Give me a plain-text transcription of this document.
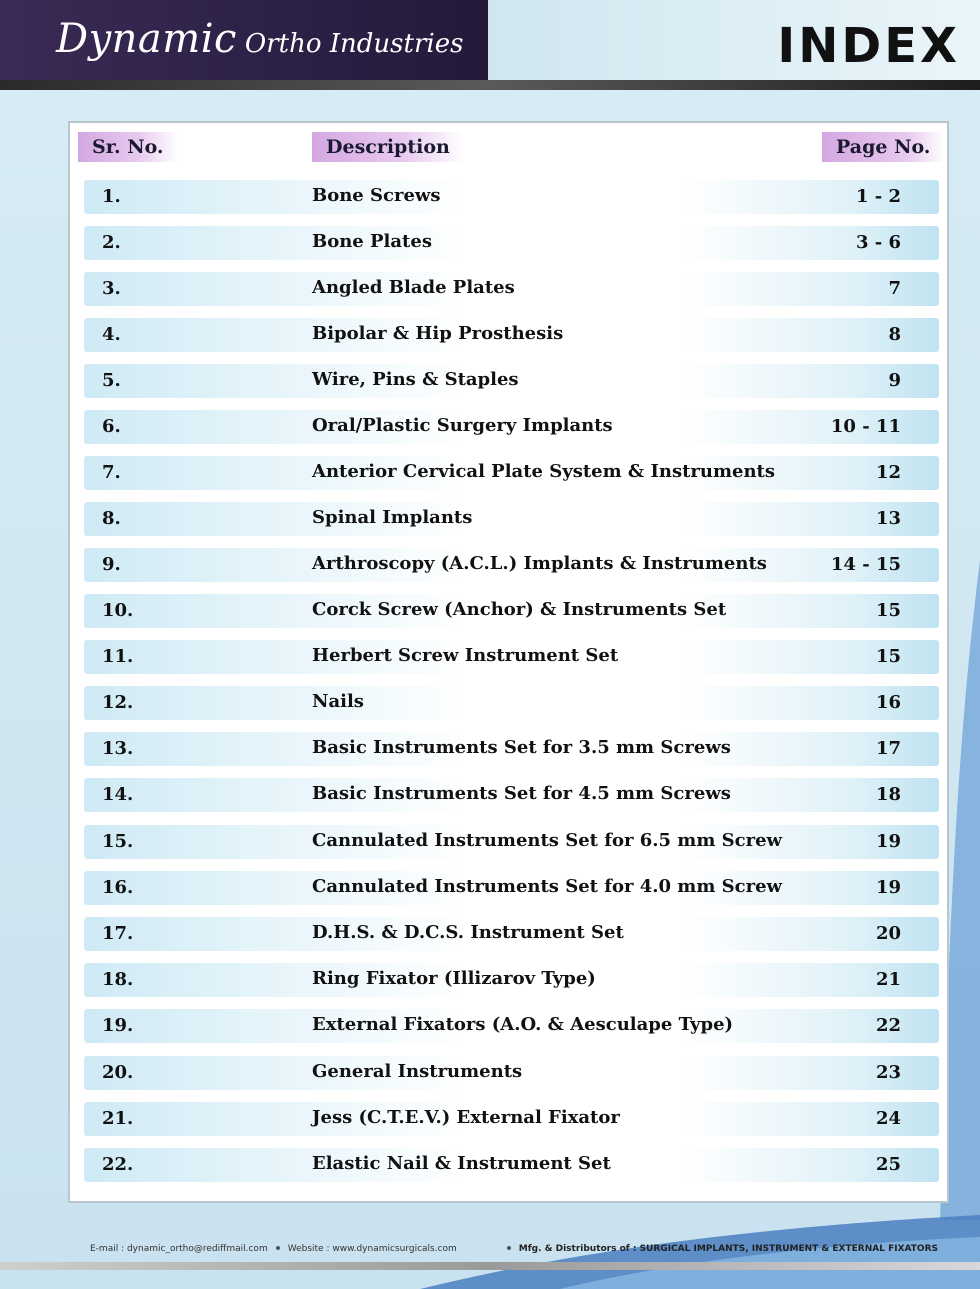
Dynamic Ortho Industries	INDEX
Sr. No.	Description	Page No.
1.	Bone Screws	1 - 2
2.	Bone Plates	3 - 6
3.	Angled Blade Plates	7
4.	Bipolar & Hip Prosthesis	8
5.	Wire, Pins & Staples	9
6.	Oral/Plastic Surgery Implants	10 - 11
7.	Anterior Cervical Plate System & Instruments	12
8.	Spinal Implants	13
9.	Arthroscopy (A.C.L.) Implants & Instruments	14 - 15
10.	Corck Screw (Anchor) & Instruments Set	15
11.	Herbert Screw Instrument Set	15
12.	Nails	16
13.	Basic Instruments Set for 3.5 mm Screws	17
14.	Basic Instruments Set for 4.5 mm Screws	18
15.	Cannulated Instruments Set for 6.5 mm Screw	19
16.	Cannulated Instruments Set for 4.0 mm Screw	19
17.	D.H.S. & D.C.S. Instrument Set	20
18.	Ring Fixator (Illizarov Type)	21
19.	External Fixators (A.O. & Aesculape Type)	22
20.	General Instruments	23
21.	Jess (C.T.E.V.) External Fixator	24
22.	Elastic Nail & Instrument Set	25
E-mail : dynamic_ortho@rediffmail.com Website : www.dynamicsurgicals.com	Mfg. & Distributors of : SURGICAL IMPLANTS, INSTRUMENT & EXTERNAL FIXATORS
